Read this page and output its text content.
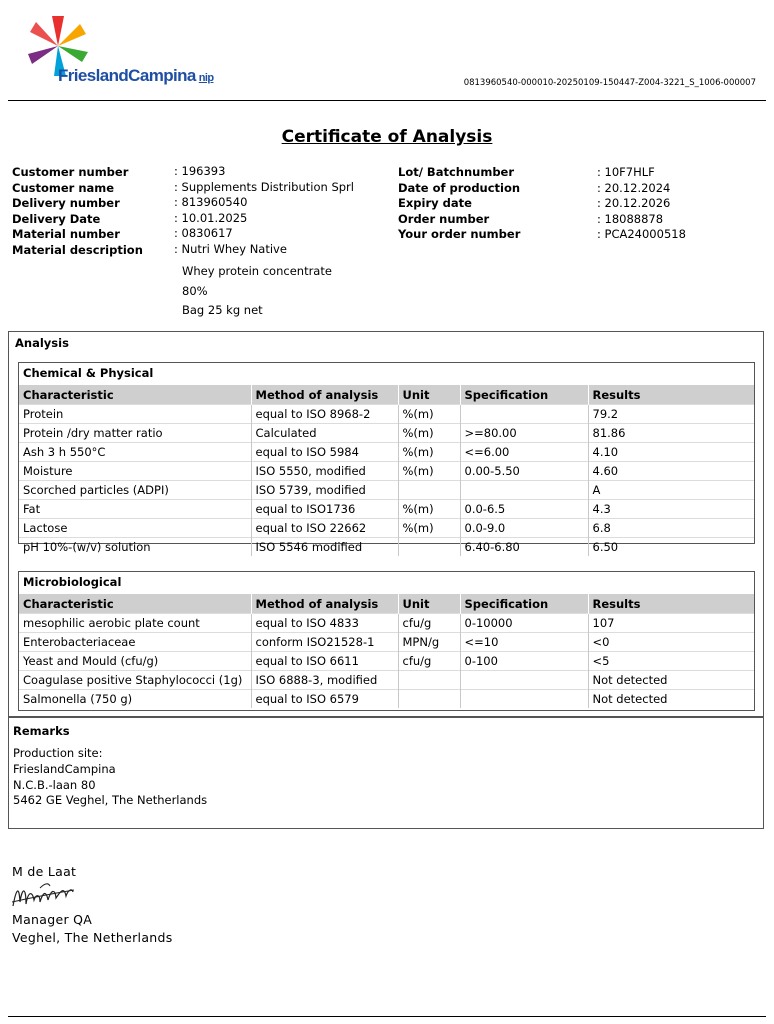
FrieslandCampina nip	0813960540-000010-20250109-150447-Z004-3221_S_1006-000007
Certificate of Analysis
Customer number	: 196393
Customer name	: Supplements Distribution Sprl
Delivery number	: 813960540
Delivery Date	: 10.01.2025
Material number	: 0830617
Material description	: Nutri Whey Native
Lot/ Batchnumber	: 10F7HLF
Date of production	: 20.12.2024
Expiry date	: 20.12.2026
Order number	: 18088878
Your order number	: PCA24000518
Whey protein concentrate
80%
Bag 25 kg net
Analysis
Chemical & Physical
Characteristic	Method of analysis	Unit	Specification	Results
Protein	equal to ISO 8968-2	%(m)		79.2
Protein /dry matter ratio	Calculated	%(m)	>=80.00	81.86
Ash 3 h 550°C	equal to ISO 5984	%(m)	<=6.00	4.10
Moisture	ISO 5550, modified	%(m)	0.00-5.50	4.60
Scorched particles (ADPI)	ISO 5739, modified			A
Fat	equal to ISO1736	%(m)	0.0-6.5	4.3
Lactose	equal to ISO 22662	%(m)	0.0-9.0	6.8
pH 10%-(w/v) solution	ISO 5546 modified		6.40-6.80	6.50
Microbiological
Characteristic	Method of analysis	Unit	Specification	Results
mesophilic aerobic plate count	equal to ISO 4833	cfu/g	0-10000	107
Enterobacteriaceae	conform ISO21528-1	MPN/g	<=10	<0
Yeast and Mould (cfu/g)	equal to ISO 6611	cfu/g	0-100	<5
Coagulase positive Staphylococci (1g)	ISO 6888-3, modified			Not detected
Salmonella (750 g)	equal to ISO 6579			Not detected
Remarks
Production site:
FrieslandCampina
N.C.B.-laan 80
5462 GE Veghel, The Netherlands
M de Laat
Manager QA
Veghel, The Netherlands
